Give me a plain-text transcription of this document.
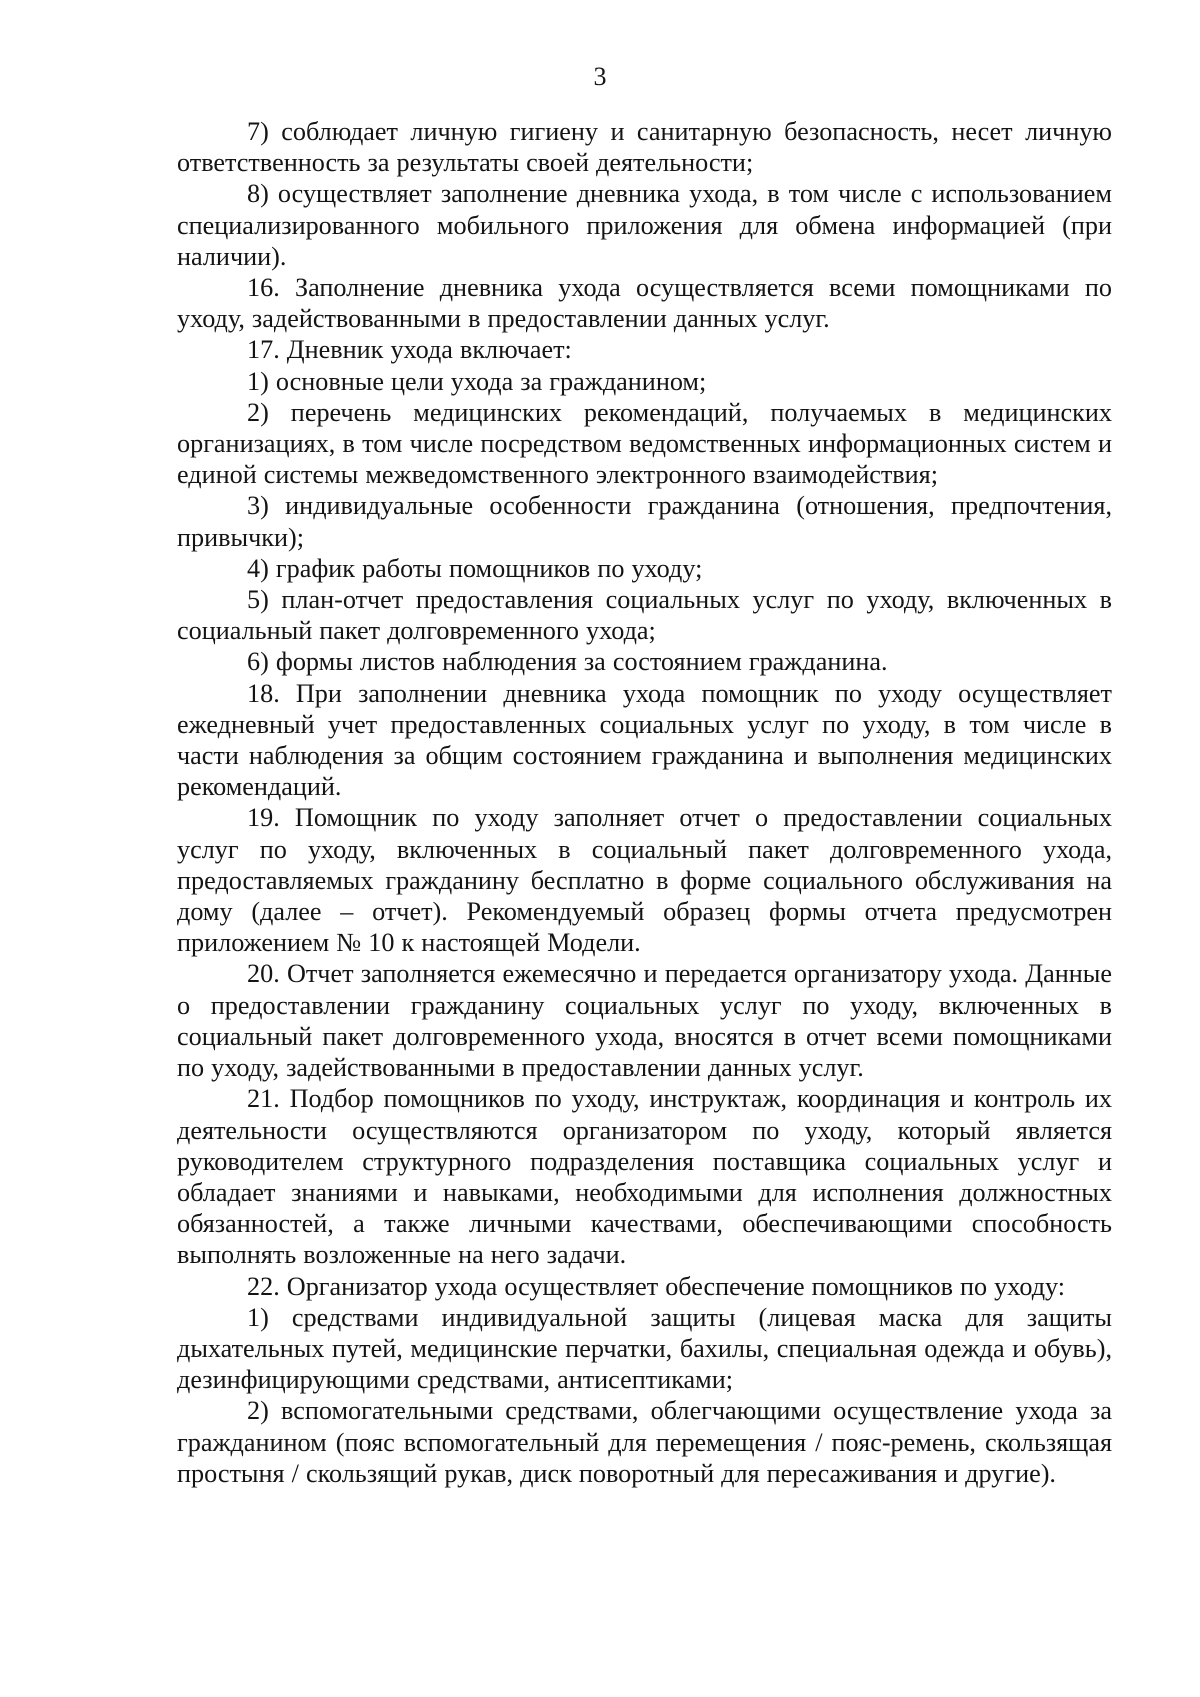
3

7) соблюдает личную гигиену и санитарную безопасность, несет личную ответственность за результаты своей деятельности;

8) осуществляет заполнение дневника ухода, в том числе с использованием специализированного мобильного приложения для обмена информацией (при наличии).

16. Заполнение дневника ухода осуществляется всеми помощниками по уходу, задействованными в предоставлении данных услуг.

17. Дневник ухода включает:

1) основные цели ухода за гражданином;

2) перечень медицинских рекомендаций, получаемых в медицинских организациях, в том числе посредством ведомственных информационных систем и единой системы межведомственного электронного взаимодействия;

3) индивидуальные особенности гражданина (отношения, предпочтения, привычки);

4) график работы помощников по уходу;

5) план-отчет предоставления социальных услуг по уходу, включенных в социальный пакет долговременного ухода;

6) формы листов наблюдения за состоянием гражданина.

18. При заполнении дневника ухода помощник по уходу осуществляет ежедневный учет предоставленных социальных услуг по уходу, в том числе в части наблюдения за общим состоянием гражданина и выполнения медицинских рекомендаций.

19. Помощник по уходу заполняет отчет о предоставлении социальных услуг по уходу, включенных в социальный пакет долговременного ухода, предоставляемых гражданину бесплатно в форме социального обслуживания на дому (далее – отчет). Рекомендуемый образец формы отчета предусмотрен приложением № 10 к настоящей Модели.

20. Отчет заполняется ежемесячно и передается организатору ухода. Данные о предоставлении гражданину социальных услуг по уходу, включенных в социальный пакет долговременного ухода, вносятся в отчет всеми помощниками по уходу, задействованными в предоставлении данных услуг.

21. Подбор помощников по уходу, инструктаж, координация и контроль их деятельности осуществляются организатором по уходу, который является руководителем структурного подразделения поставщика социальных услуг и обладает знаниями и навыками, необходимыми для исполнения должностных обязанностей, а также личными качествами, обеспечивающими способность выполнять возложенные на него задачи.

22. Организатор ухода осуществляет обеспечение помощников по уходу:

1) средствами индивидуальной защиты (лицевая маска для защиты дыхательных путей, медицинские перчатки, бахилы, специальная одежда и обувь), дезинфицирующими средствами, антисептиками;

2) вспомогательными средствами, облегчающими осуществление ухода за гражданином (пояс вспомогательный для перемещения / пояс-ремень, скользящая простыня / скользящий рукав, диск поворотный для пересаживания и другие).
